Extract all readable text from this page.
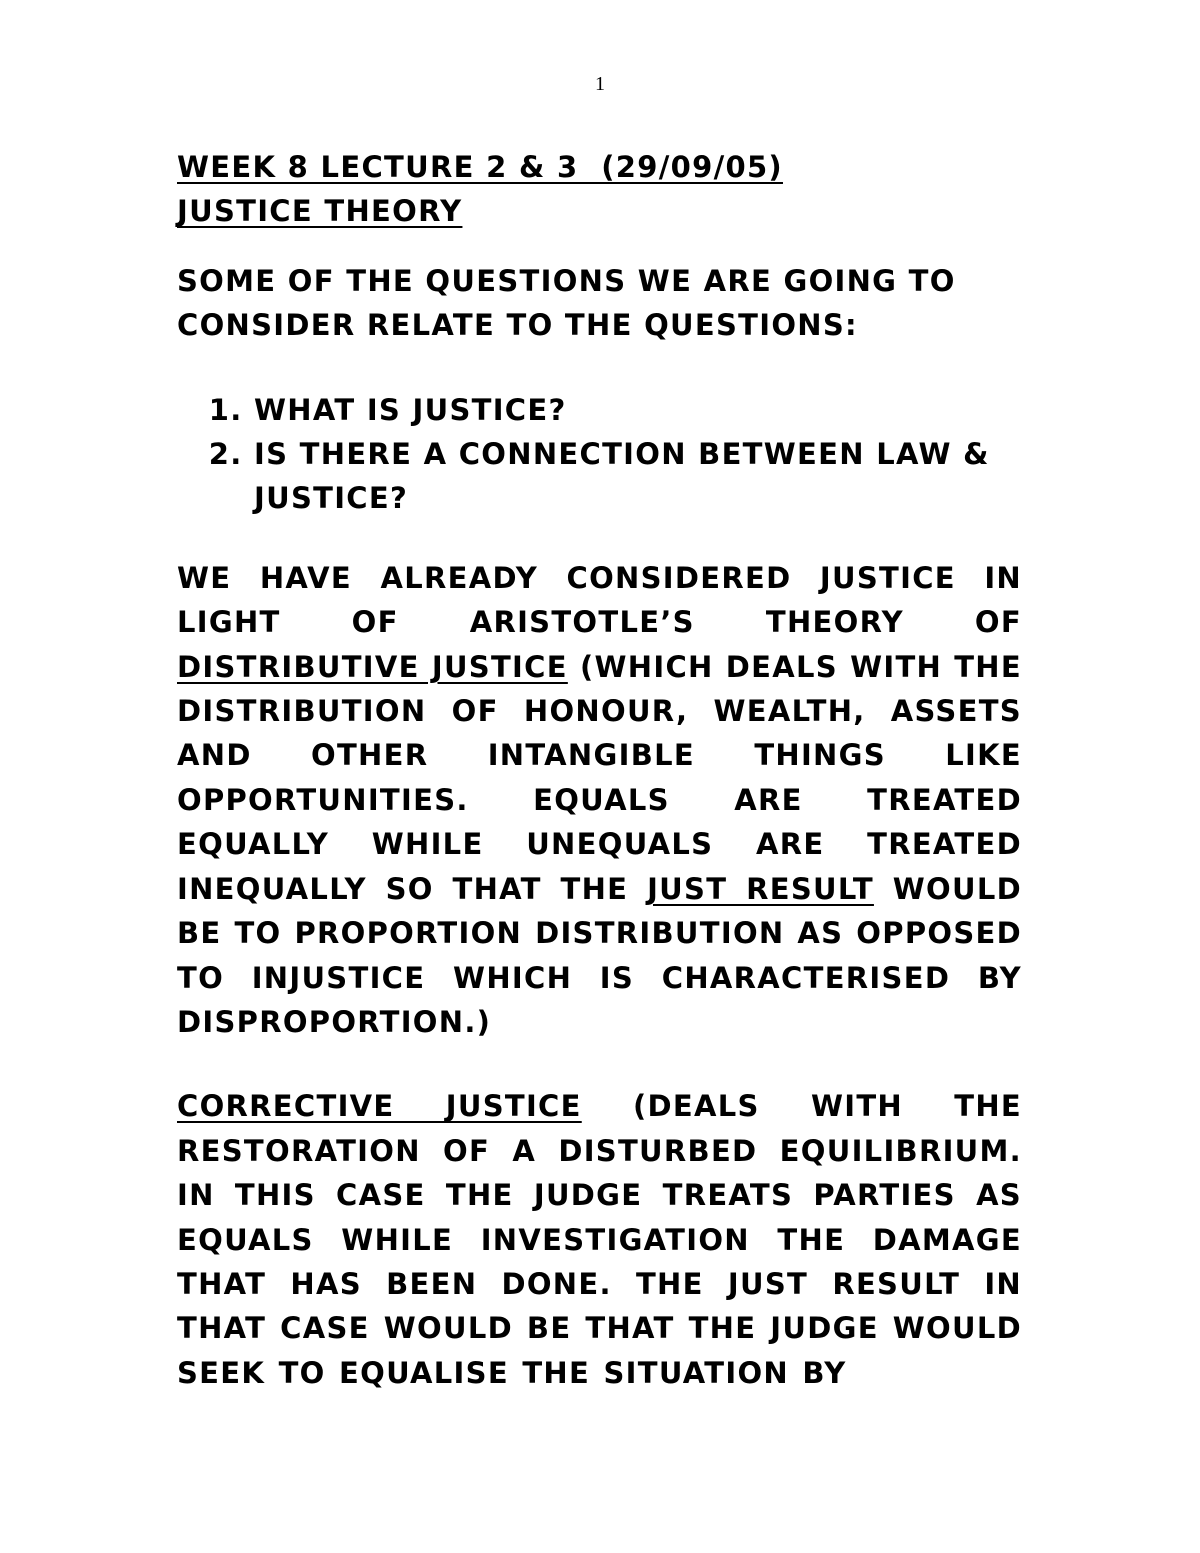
1

WEEK 8 LECTURE 2 & 3  (29/09/05)
JUSTICE THEORY

SOME OF THE QUESTIONS WE ARE GOING TO CONSIDER RELATE TO THE QUESTIONS:

1. WHAT IS JUSTICE?
2. IS THERE A CONNECTION BETWEEN LAW & JUSTICE?

WE HAVE ALREADY CONSIDERED JUSTICE IN LIGHT OF ARISTOTLE’S THEORY OF DISTRIBUTIVE JUSTICE (WHICH DEALS WITH THE DISTRIBUTION OF HONOUR, WEALTH, ASSETS AND OTHER INTANGIBLE THINGS LIKE OPPORTUNITIES. EQUALS ARE TREATED EQUALLY WHILE UNEQUALS ARE TREATED INEQUALLY SO THAT THE JUST RESULT WOULD BE TO PROPORTION DISTRIBUTION AS OPPOSED TO INJUSTICE WHICH IS CHARACTERISED BY DISPROPORTION.)

CORRECTIVE JUSTICE (DEALS WITH THE RESTORATION OF A DISTURBED EQUILIBRIUM. IN THIS CASE THE JUDGE TREATS PARTIES AS EQUALS WHILE INVESTIGATION THE DAMAGE THAT HAS BEEN DONE. THE JUST RESULT IN THAT CASE WOULD BE THAT THE JUDGE WOULD SEEK TO EQUALISE THE SITUATION BY
